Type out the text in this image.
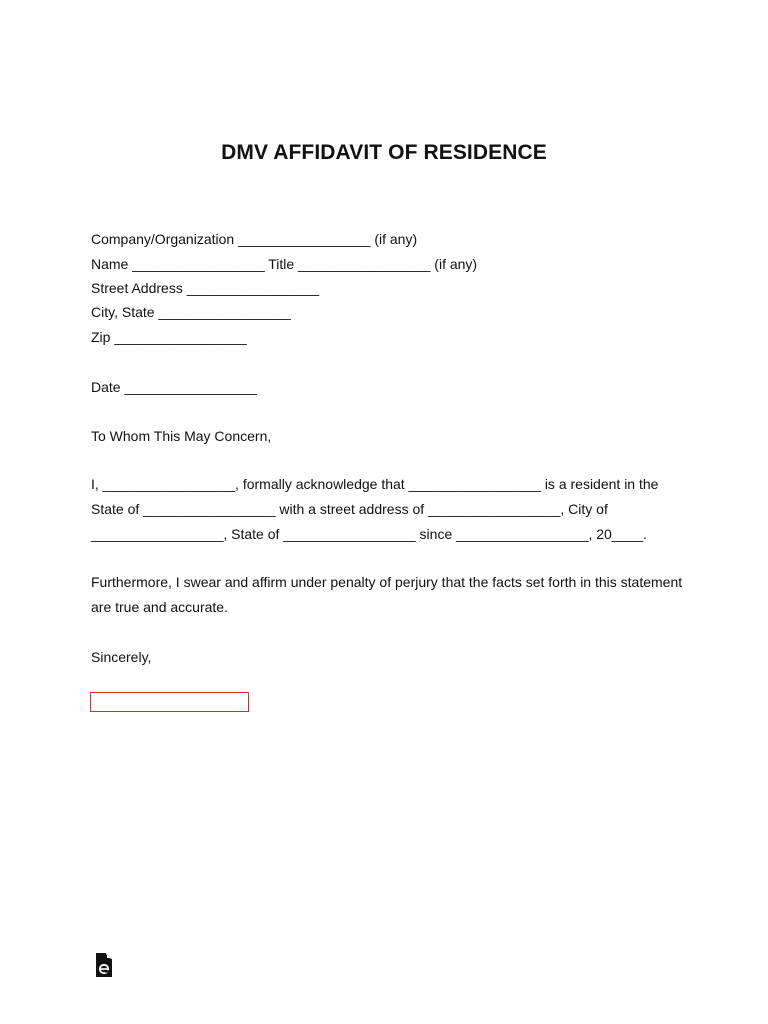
DMV AFFIDAVIT OF RESIDENCE
Company/Organization _________________ (if any)
Name _________________ Title _________________ (if any)
Street Address _________________
City, State _________________
Zip _________________
Date _________________
To Whom This May Concern,
I, _________________, formally acknowledge that _________________ is a resident in the
State of _________________ with a street address of _________________, City of
_________________, State of _________________ since _________________, 20____.
Furthermore, I swear and affirm under penalty of perjury that the facts set forth in this statement
are true and accurate.
Sincerely,
